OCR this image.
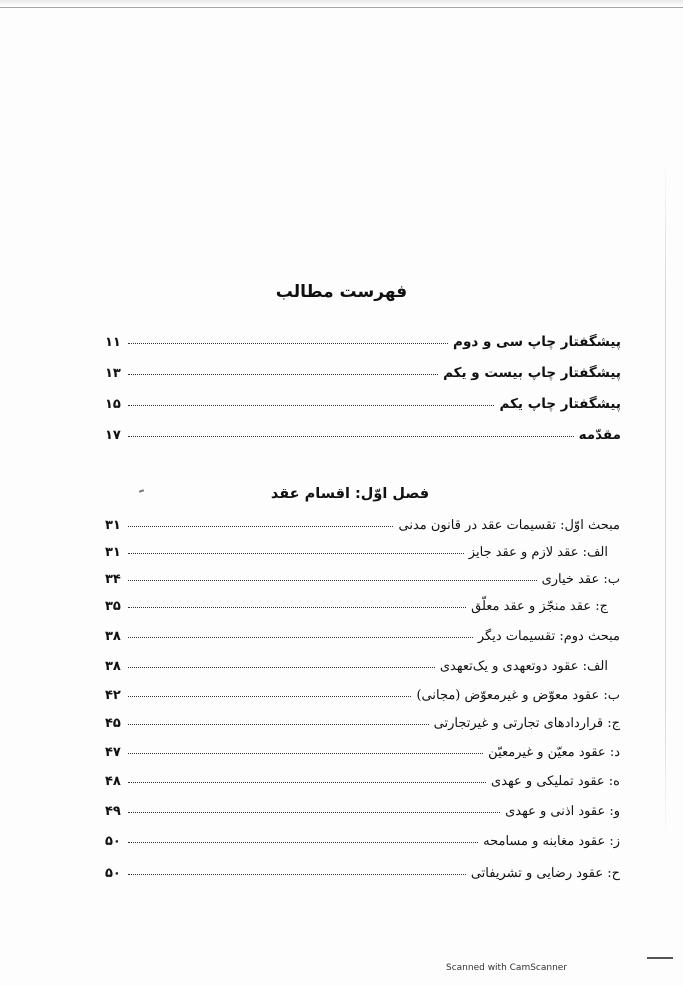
فهرست مطالب
پیشگفتار چاپ سی و دوم
۱۱
پیشگفتار چاپ بیست و یکم
۱۳
پیشگفتار چاپ یکم
۱۵
مقدّمه
۱۷
فصل اوّل: اقسام عقد
مبحث اوّل: تقسیمات عقد در قانون مدنی
۳۱
الف: عقد لازم و عقد جایز
۳۱
ب: عقد خیاری
۳۴
ج: عقد منجّز و عقد معلّق
۳۵
مبحث دوم: تقسیمات دیگر
۳۸
الف: عقود دوتعهدی و یک‌تعهدی
۳۸
ب: عقود معوّض و غیرمعوّض (مجانی)
۴۲
ج: قراردادهای تجارتی و غیرتجارتی
۴۵
د: عقود معیّن و غیرمعیّن
۴۷
ه: عقود تملیکی و عهدی
۴۸
و: عقود اذنی و عهدی
۴۹
ز: عقود مغابنه و مسامحه
۵۰
ح: عقود رضایی و تشریفاتی
۵۰
Scanned with CamScanner
